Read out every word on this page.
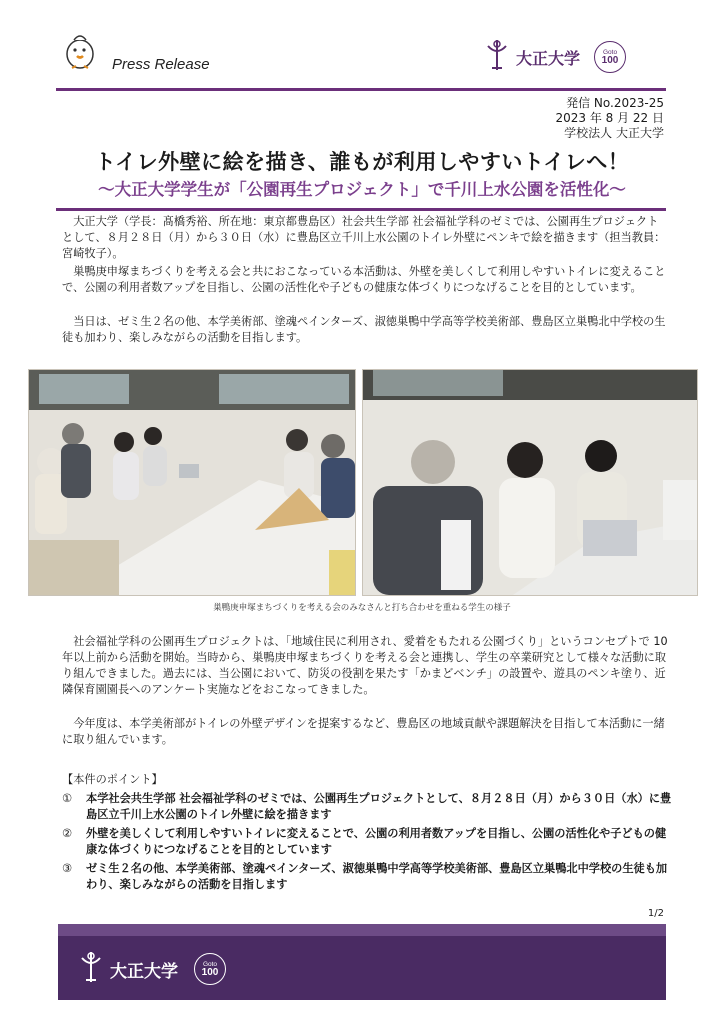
Press Release	大正大学	Goto
100
発信 No.2023-25
2023 年 8 月 22 日
学校法人 大正大学
トイレ外壁に絵を描き、誰もが利用しやすいトイレへ！
～大正大学学生が「公園再生プロジェクト」で千川上水公園を活性化～
大正大学（学長：髙橋秀裕、所在地：東京都豊島区）社会共生学部 社会福祉学科のゼミでは、公園再生プロジェクトとして、８月２８日（月）から３０日（水）に豊島区立千川上水公園のトイレ外壁にペンキで絵を描きます（担当教員：宮崎牧子）。
巣鴨庚申塚まちづくりを考える会と共におこなっている本活動は、外壁を美しくして利用しやすいトイレに変えることで、公園の利用者数アップを目指し、公園の活性化や子どもの健康な体づくりにつなげることを目的としています。
当日は、ゼミ生２名の他、本学美術部、塗魂ペインターズ、淑徳巣鴨中学高等学校美術部、豊島区立巣鴨北中学校の生徒も加わり、楽しみながらの活動を目指します。
巣鴨庚申塚まちづくりを考える会のみなさんと打ち合わせを重ねる学生の様子
社会福祉学科の公園再生プロジェクトは、「地域住民に利用され、愛着をもたれる公園づくり」というコンセプトで 10 年以上前から活動を開始。当時から、巣鴨庚申塚まちづくりを考える会と連携し、学生の卒業研究として様々な活動に取り組んできました。過去には、当公園において、防災の役割を果たす「かまどベンチ」の設置や、遊具のペンキ塗り、近隣保育園園長へのアンケート実施などをおこなってきました。
今年度は、本学美術部がトイレの外壁デザインを提案するなど、豊島区の地域貢献や課題解決を目指して本活動に一緒に取り組んでいます。
【本件のポイント】
①	本学社会共生学部 社会福祉学科のゼミでは、公園再生プロジェクトとして、８月２８日（月）から３０日（水）に豊島区立千川上水公園のトイレ外壁に絵を描きます
②	外壁を美しくして利用しやすいトイレに変えることで、公園の利用者数アップを目指し、公園の活性化や子どもの健康な体づくりにつなげることを目的としています
③	ゼミ生２名の他、本学美術部、塗魂ペインターズ、淑徳巣鴨中学高等学校美術部、豊島区立巣鴨北中学校の生徒も加わり、楽しみながらの活動を目指します
1/2
大正大学	Goto
100
